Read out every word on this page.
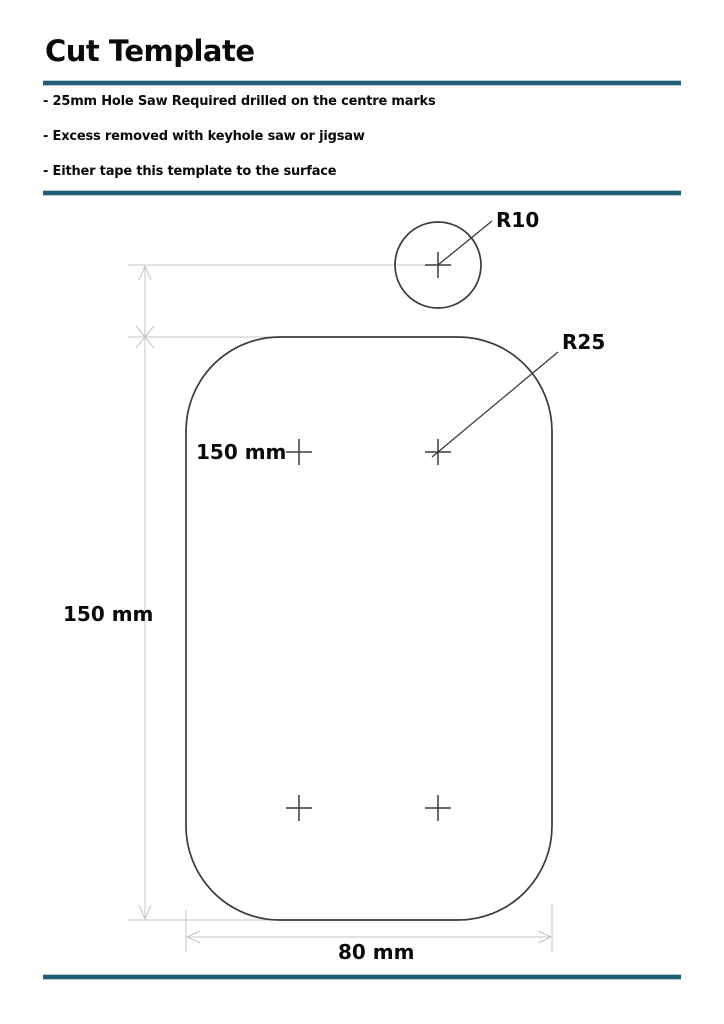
Cut Template
- 25mm Hole Saw Required drilled on the centre marks
- Excess removed with keyhole saw or jigsaw
- Either tape this template to the surface
R10
R25
150 mm
150 mm
80 mm
